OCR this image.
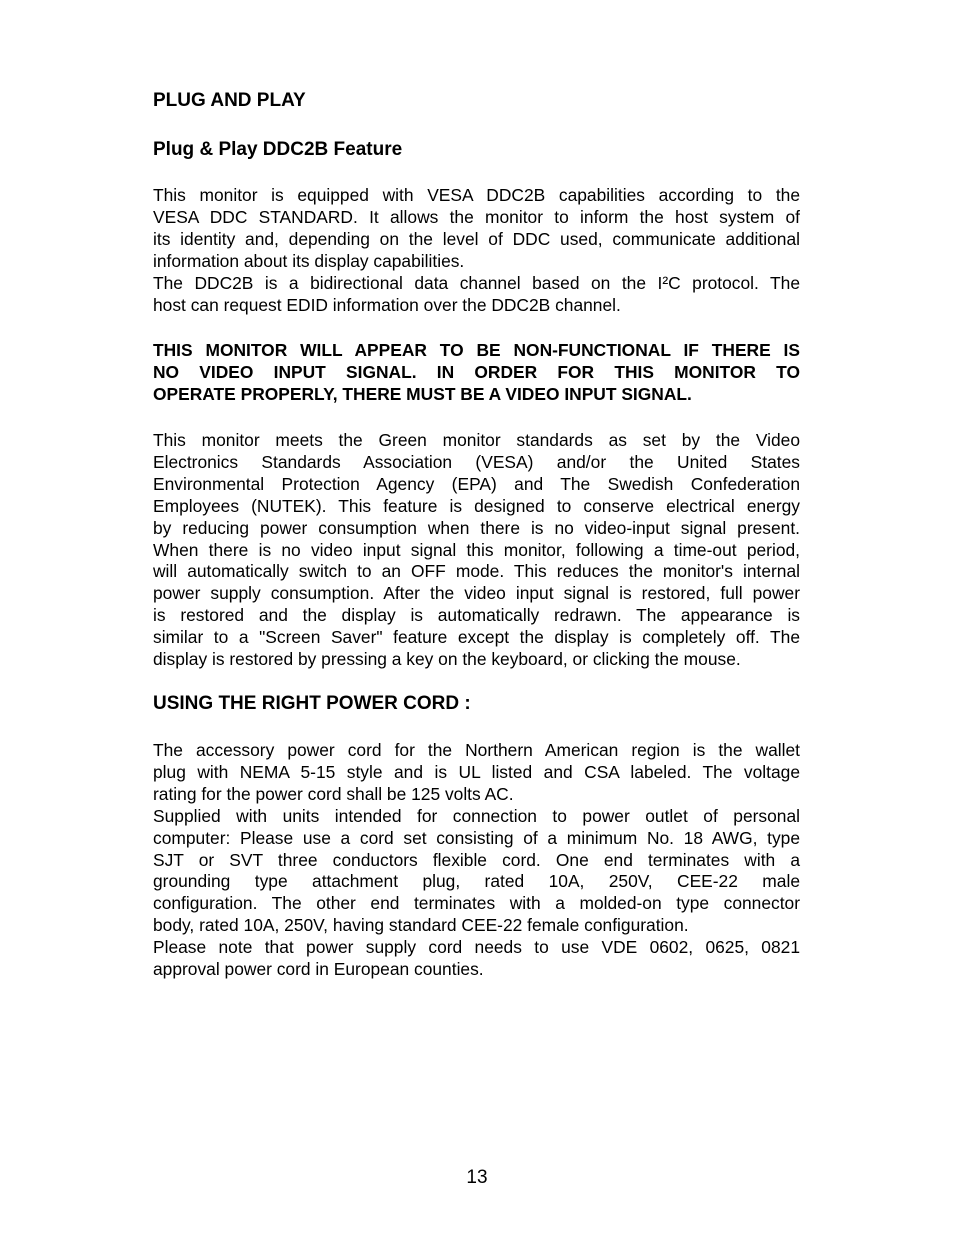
PLUG AND PLAY
Plug & Play DDC2B Feature

This monitor is equipped with VESA DDC2B capabilities according to the
VESA DDC STANDARD. It allows the monitor to inform the host system of
its identity and, depending on the level of DDC used, communicate additional
information about its display capabilities.
The DDC2B is a bidirectional data channel based on the I²C protocol. The
host can request EDID information over the DDC2B channel.

THIS MONITOR WILL APPEAR TO BE NON-FUNCTIONAL IF THERE IS
NO VIDEO INPUT SIGNAL. IN ORDER FOR THIS MONITOR TO
OPERATE PROPERLY, THERE MUST BE A VIDEO INPUT SIGNAL.

This monitor meets the Green monitor standards as set by the Video
Electronics Standards Association (VESA) and/or the United States
Environmental Protection Agency (EPA) and The Swedish Confederation
Employees (NUTEK). This feature is designed to conserve electrical energy
by reducing power consumption when there is no video-input signal present.
When there is no video input signal this monitor, following a time-out period,
will automatically switch to an OFF mode. This reduces the monitor's internal
power supply consumption. After the video input signal is restored, full power
is restored and the display is automatically redrawn. The appearance is
similar to a "Screen Saver" feature except the display is completely off. The
display is restored by pressing a key on the keyboard, or clicking the mouse.

USING THE RIGHT POWER CORD :

The accessory power cord for the Northern American region is the wallet
plug with NEMA 5-15 style and is UL listed and CSA labeled. The voltage
rating for the power cord shall be 125 volts AC.
Supplied with units intended for connection to power outlet of personal
computer: Please use a cord set consisting of a minimum No. 18 AWG, type
SJT or SVT three conductors flexible cord. One end terminates with a
grounding type attachment plug, rated 10A, 250V, CEE-22 male
configuration. The other end terminates with a molded-on type connector
body, rated 10A, 250V, having standard CEE-22 female configuration.
Please note that power supply cord needs to use VDE 0602, 0625, 0821
approval power cord in European counties.

13
